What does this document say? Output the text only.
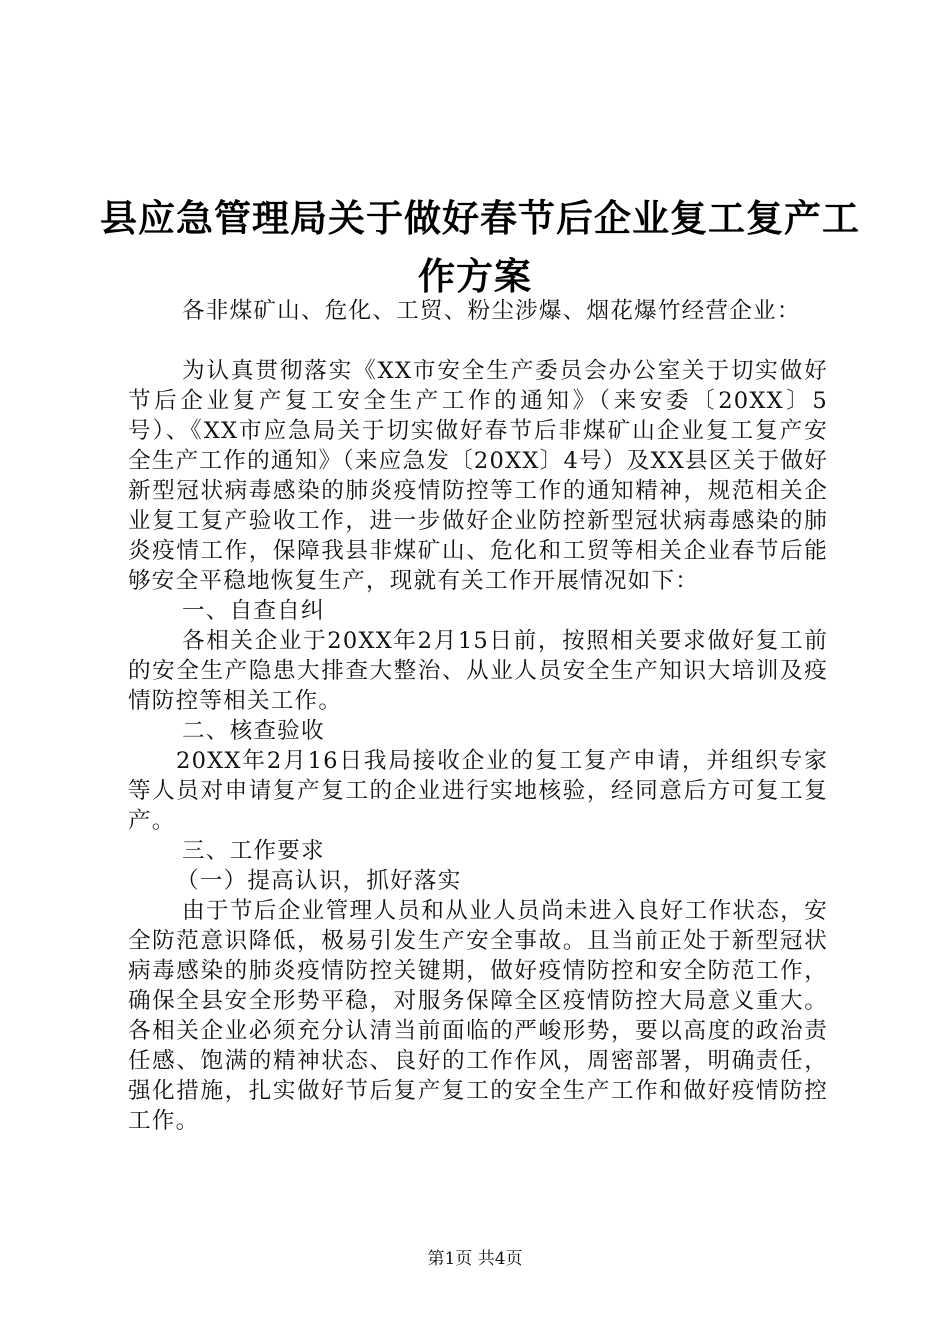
县应急管理局关于做好春节后企业复工复产工
作方案

各非煤矿山、危化、工贸、粉尘涉爆、烟花爆竹经营企业：

为认真贯彻落实《XX市安全生产委员会办公室关于切实做好节后企业复产复工安全生产工作的通知》（来安委〔20XX〕5号）、《XX市应急局关于切实做好春节后非煤矿山企业复工复产安全生产工作的通知》（来应急发〔20XX〕4号）及XX县区关于做好新型冠状病毒感染的肺炎疫情防控等工作的通知精神，规范相关企业复工复产验收工作，进一步做好企业防控新型冠状病毒感染的肺炎疫情工作，保障我县非煤矿山、危化和工贸等相关企业春节后能够安全平稳地恢复生产，现就有关工作开展情况如下：

一、自查自纠

各相关企业于20XX年2月15日前，按照相关要求做好复工前的安全生产隐患大排查大整治、从业人员安全生产知识大培训及疫情防控等相关工作。

二、核查验收

20XX年2月16日我局接收企业的复工复产申请，并组织专家等人员对申请复产复工的企业进行实地核验，经同意后方可复工复产。

三、工作要求

（一）提高认识，抓好落实

由于节后企业管理人员和从业人员尚未进入良好工作状态，安全防范意识降低，极易引发生产安全事故。且当前正处于新型冠状病毒感染的肺炎疫情防控关键期，做好疫情防控和安全防范工作，确保全县安全形势平稳，对服务保障全区疫情防控大局意义重大。各相关企业必须充分认清当前面临的严峻形势，要以高度的政治责任感、饱满的精神状态、良好的工作作风，周密部署，明确责任，强化措施，扎实做好节后复产复工的安全生产工作和做好疫情防控工作。

第1页 共4页
